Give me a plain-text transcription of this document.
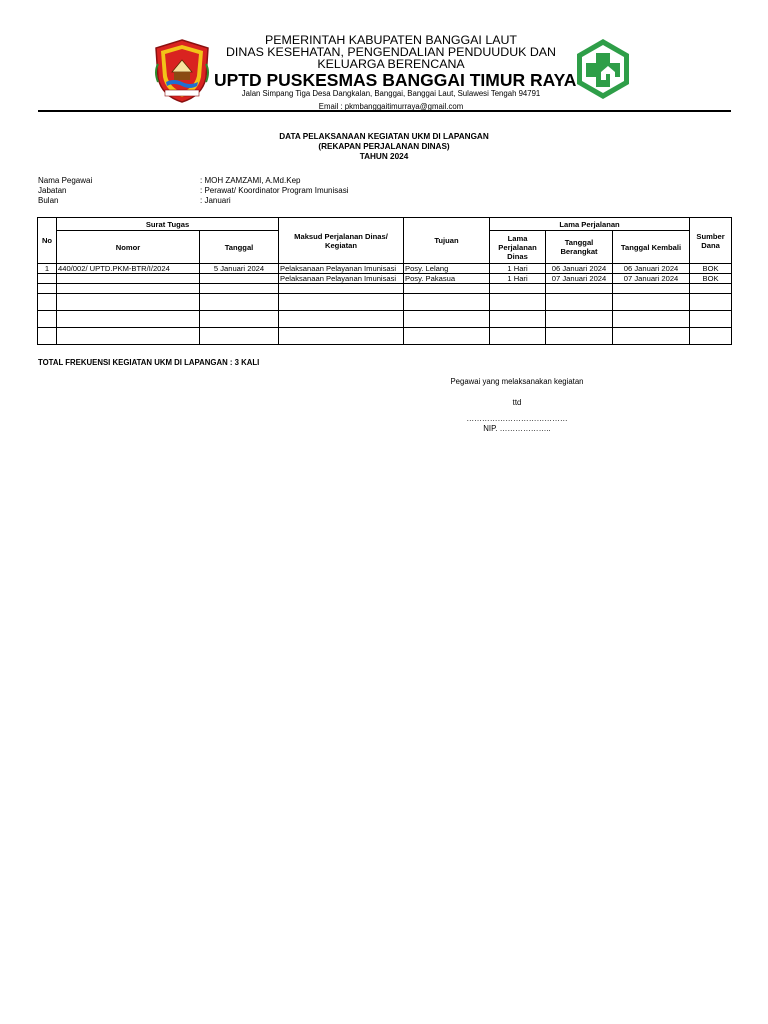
PEMERINTAH KABUPATEN BANGGAI LAUT
DINAS KESEHATAN, PENGENDALIAN PENDUUDUK DAN
KELUARGA BERENCANA
UPTD PUSKESMAS BANGGAI TIMUR RAYA
Jalan Simpang Tiga Desa Dangkalan, Banggai, Banggai Laut, Sulawesi Tengah 94791
Email : pkmbanggaitimurraya@gmail.com
DATA PELAKSANAAN KEGIATAN UKM DI LAPANGAN
(REKAPAN PERJALANAN DINAS)
TAHUN 2024
Nama Pegawai	: MOH ZAMZAMI, A.Md.Kep
Jabatan	: Perawat/ Koordinator Program Imunisasi
Bulan	: Januari
No	Surat Tugas		Maksud Perjalanan Dinas/ Kegiatan	Tujuan	Lama Perjalanan			Sumber Dana
	Nomor	Tanggal			Lama Perjalanan Dinas	Tanggal Berangkat	Tanggal Kembali	
1	440/002/ UPTD.PKM-BTR/I/2024	5 Januari 2024	Pelaksanaan Pelayanan Imunisasi	Posy. Lelang	1 Hari	06 Januari 2024	06 Januari 2024	BOK
			Pelaksanaan Pelayanan Imunisasi	Posy. Pakasua	1 Hari	07 Januari 2024	07 Januari 2024	BOK

TOTAL FREKUENSI KEGIATAN UKM DI LAPANGAN : 3 KALI
Pegawai yang melaksanakan kegiatan
ttd
…………………………………
NIP. ………………..
